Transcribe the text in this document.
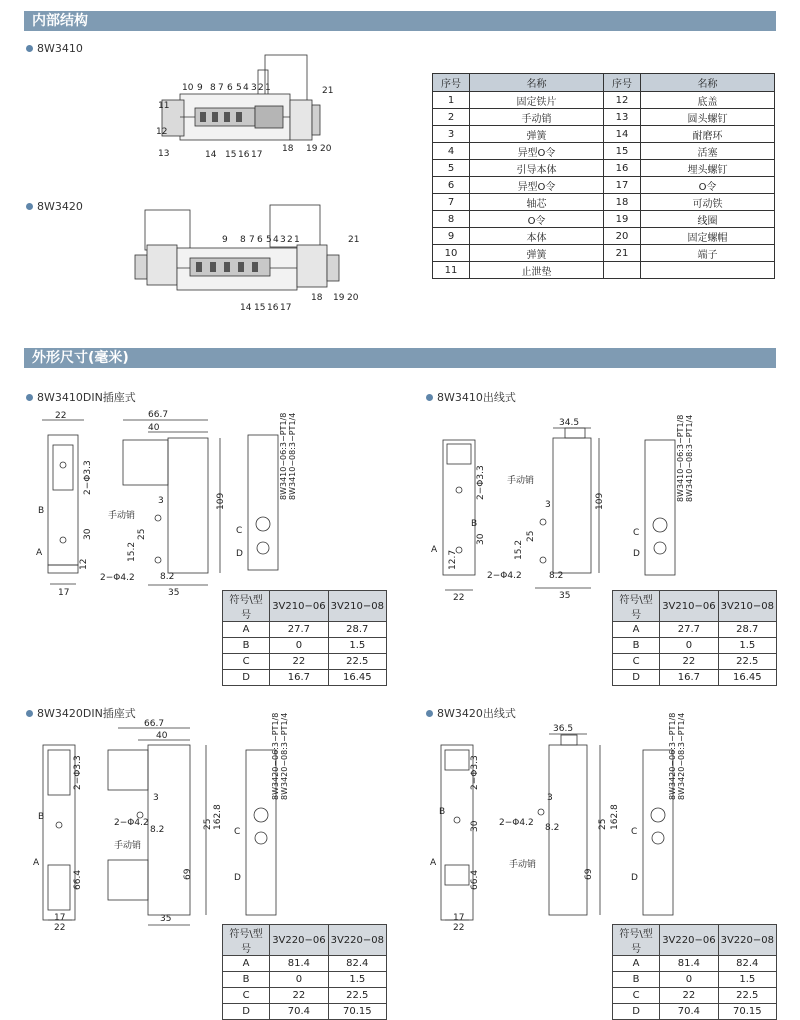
内部结构
外形尺寸(毫米)
8W3410
8W3420
10 9 8 7 6 5 4 3 2 1
11
12
13	14 15 16 17
18 19 20
21
9 8 7 6 5 4 3 2 1
14 15 16 17
18 19 20
21
序号	名称	序号	名称
1	固定铁片	12	底盖
2	手动销	13	圆头螺钉
3	弹簧	14	耐磨环
4	异型O令	15	活塞
5	引导本体	16	埋头螺钉
6	异型O令	17	O令
7	轴芯	18	可动铁
8	O令	19	线圈
9	本体	20	固定螺帽
10	弹簧	21	端子
11	止泄垫		
8W3410DIN插座式
22	66.7
40
109
2−Φ3.3
30	25
15.2
3
8.2
2−Φ4.2
12
17	35
手动销
A
B
C
D
8W3410−06:3−PT1/8 8W3410−08:3−PT1/4
8W3410出线式
34.5
109
2−Φ3.3
30	25
15.2
3
8.2
2−Φ4.2
12.7
22	35
手动销
A
B
C
D
8W3410−06:3−PT1/8 8W3410−08:3−PT1/4
8W3420DIN插座式
66.7
40
162.8
25
69
2−Φ3.3
66.4
3
8.2
2−Φ4.2
手动销
17
22
35
A
B
C
D
8W3420−06:3−PT1/8 8W3420−08:3−PT1/4	8W3420出线式
36.5
162.8
25
69
2−Φ3.3
30
66.4
3
8.2
2−Φ4.2
手动销
17
22
A
B
C
D
8W3420−06:3−PT1/8 8W3420−08:3−PT1/4
符号\型号	3V210−06	3V210−08
A	27.7	28.7
B	0	1.5
C	22	22.5
D	16.7	16.45
符号\型号	3V210−06	3V210−08
A	27.7	28.7
B	0	1.5
C	22	22.5
D	16.7	16.45
符号\型号	3V220−06	3V220−08
A	81.4	82.4
B	0	1.5
C	22	22.5
D	70.4	70.15
符号\型号	3V220−06	3V220−08
A	81.4	82.4
B	0	1.5
C	22	22.5
D	70.4	70.15
